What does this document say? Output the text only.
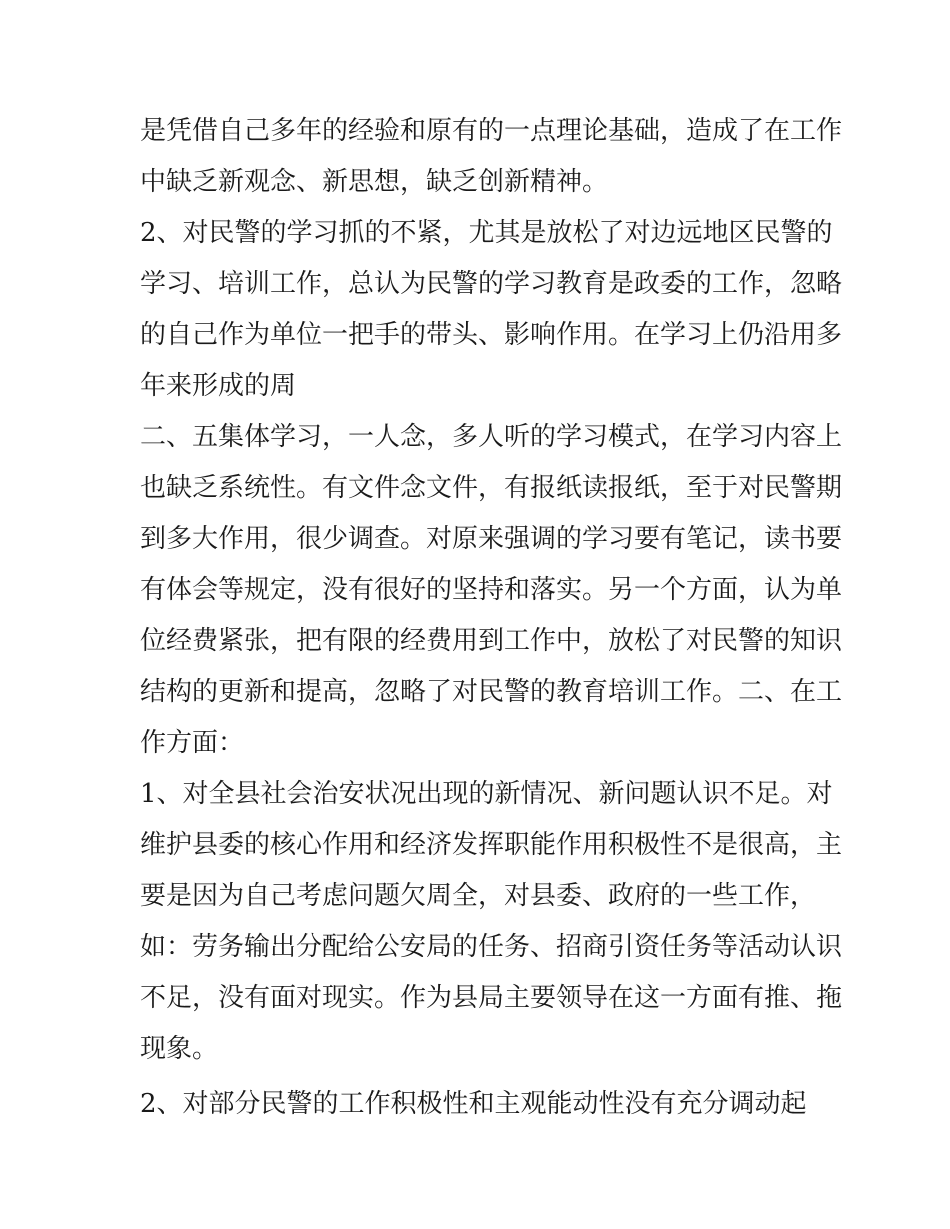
是凭借自己多年的经验和原有的一点理论基础，造成了在工作
中缺乏新观念、新思想，缺乏创新精神。
2、对民警的学习抓的不紧，尤其是放松了对边远地区民警的
学习、培训工作，总认为民警的学习教育是政委的工作，忽略
的自己作为单位一把手的带头、影响作用。在学习上仍沿用多
年来形成的周
二、五集体学习，一人念，多人听的学习模式，在学习内容上
也缺乏系统性。有文件念文件，有报纸读报纸，至于对民警期
到多大作用，很少调查。对原来强调的学习要有笔记，读书要
有体会等规定，没有很好的坚持和落实。另一个方面，认为单
位经费紧张，把有限的经费用到工作中，放松了对民警的知识
结构的更新和提高，忽略了对民警的教育培训工作。二、在工
作方面：
1、对全县社会治安状况出现的新情况、新问题认识不足。对
维护县委的核心作用和经济发挥职能作用积极性不是很高，主
要是因为自己考虑问题欠周全，对县委、政府的一些工作，
如：劳务输出分配给公安局的任务、招商引资任务等活动认识
不足，没有面对现实。作为县局主要领导在这一方面有推、拖
现象。
2、对部分民警的工作积极性和主观能动性没有充分调动起
